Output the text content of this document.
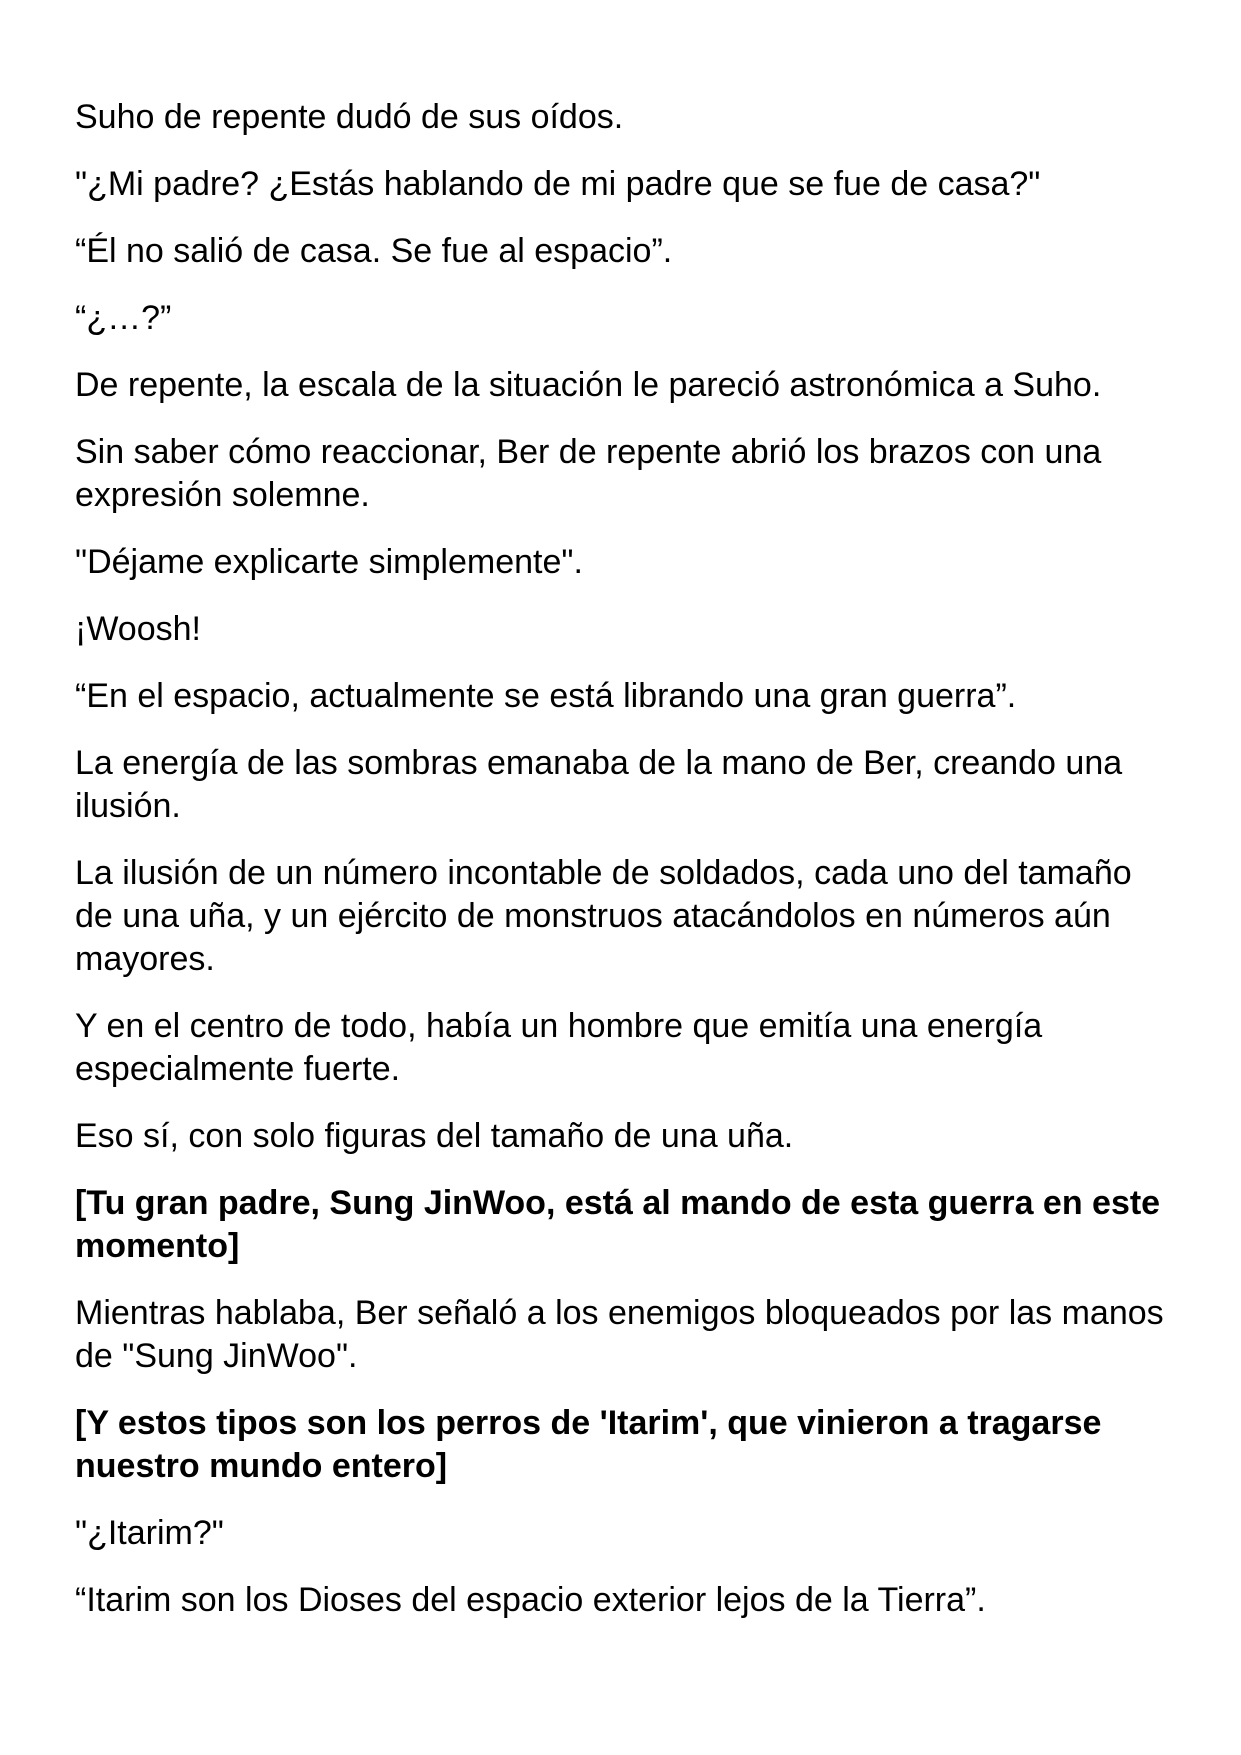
Suho de repente dudó de sus oídos.

"¿Mi padre? ¿Estás hablando de mi padre que se fue de casa?"

“Él no salió de casa. Se fue al espacio”.

“¿…?”

De repente, la escala de la situación le pareció astronómica a Suho.

Sin saber cómo reaccionar, Ber de repente abrió los brazos con una expresión solemne.

"Déjame explicarte simplemente".

¡Woosh!

“En el espacio, actualmente se está librando una gran guerra”.

La energía de las sombras emanaba de la mano de Ber, creando una ilusión.

La ilusión de un número incontable de soldados, cada uno del tamaño de una uña, y un ejército de monstruos atacándolos en números aún mayores.

Y en el centro de todo, había un hombre que emitía una energía especialmente fuerte.

Eso sí, con solo figuras del tamaño de una uña.

[Tu gran padre, Sung JinWoo, está al mando de esta guerra en este momento]

Mientras hablaba, Ber señaló a los enemigos bloqueados por las manos de "Sung JinWoo".

[Y estos tipos son los perros de 'Itarim', que vinieron a tragarse nuestro mundo entero]

"¿Itarim?"

“Itarim son los Dioses del espacio exterior lejos de la Tierra”.
